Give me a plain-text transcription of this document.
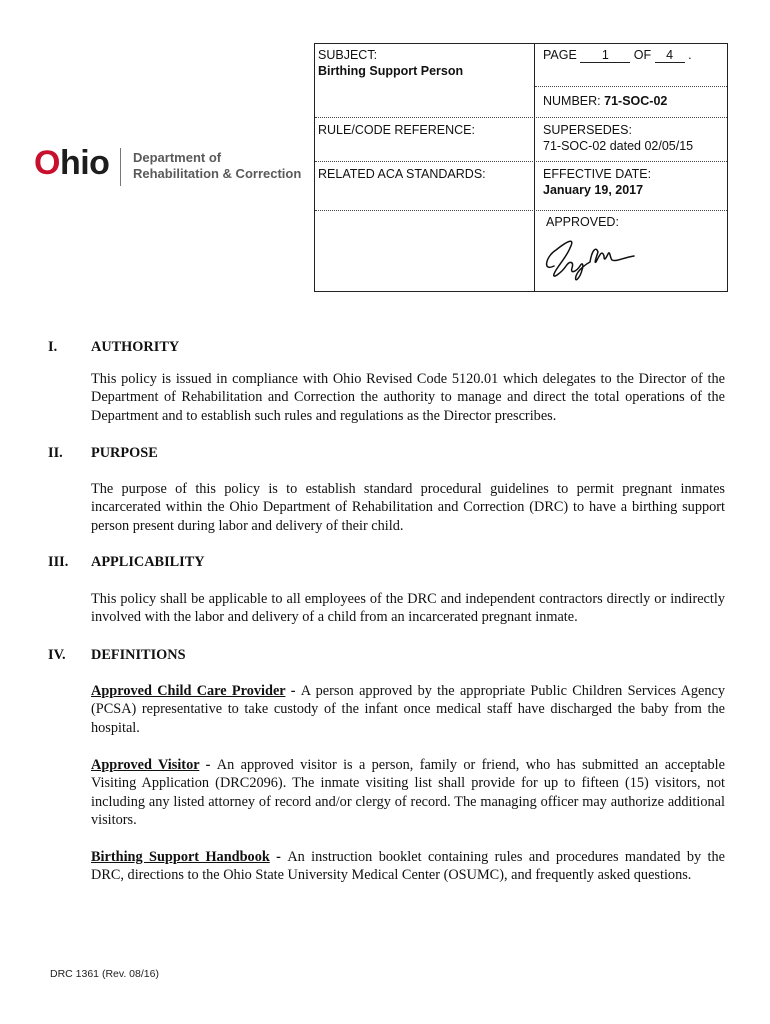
SUBJECT:
Birthing Support Person
PAGE 1 OF 4 .
NUMBER: 71-SOC-02
RULE/CODE REFERENCE:	SUPERSEDES:
71-SOC-02 dated 02/05/15
RELATED ACA STANDARDS:	EFFECTIVE DATE:
January 19, 2017
APPROVED:
Ohio Department of
Rehabilitation & Correction
I. AUTHORITY
This policy is issued in compliance with Ohio Revised Code 5120.01 which delegates to the Director of the Department of Rehabilitation and Correction the authority to manage and direct the total operations of the Department and to establish such rules and regulations as the Director prescribes.
II. PURPOSE
The purpose of this policy is to establish standard procedural guidelines to permit pregnant inmates incarcerated within the Ohio Department of Rehabilitation and Correction (DRC) to have a birthing support person present during labor and delivery of their child.
III. APPLICABILITY
This policy shall be applicable to all employees of the DRC and independent contractors directly or indirectly involved with the labor and delivery of a child from an incarcerated pregnant inmate.
IV. DEFINITIONS
Approved Child Care Provider - A person approved by the appropriate Public Children Services Agency (PCSA) representative to take custody of the infant once medical staff have discharged the baby from the hospital.
Approved Visitor - An approved visitor is a person, family or friend, who has submitted an acceptable Visiting Application (DRC2096). The inmate visiting list shall provide for up to fifteen (15) visitors, not including any listed attorney of record and/or clergy of record. The managing officer may authorize additional visitors.
Birthing Support Handbook - An instruction booklet containing rules and procedures mandated by the DRC, directions to the Ohio State University Medical Center (OSUMC), and frequently asked questions.
DRC 1361 (Rev. 08/16)
